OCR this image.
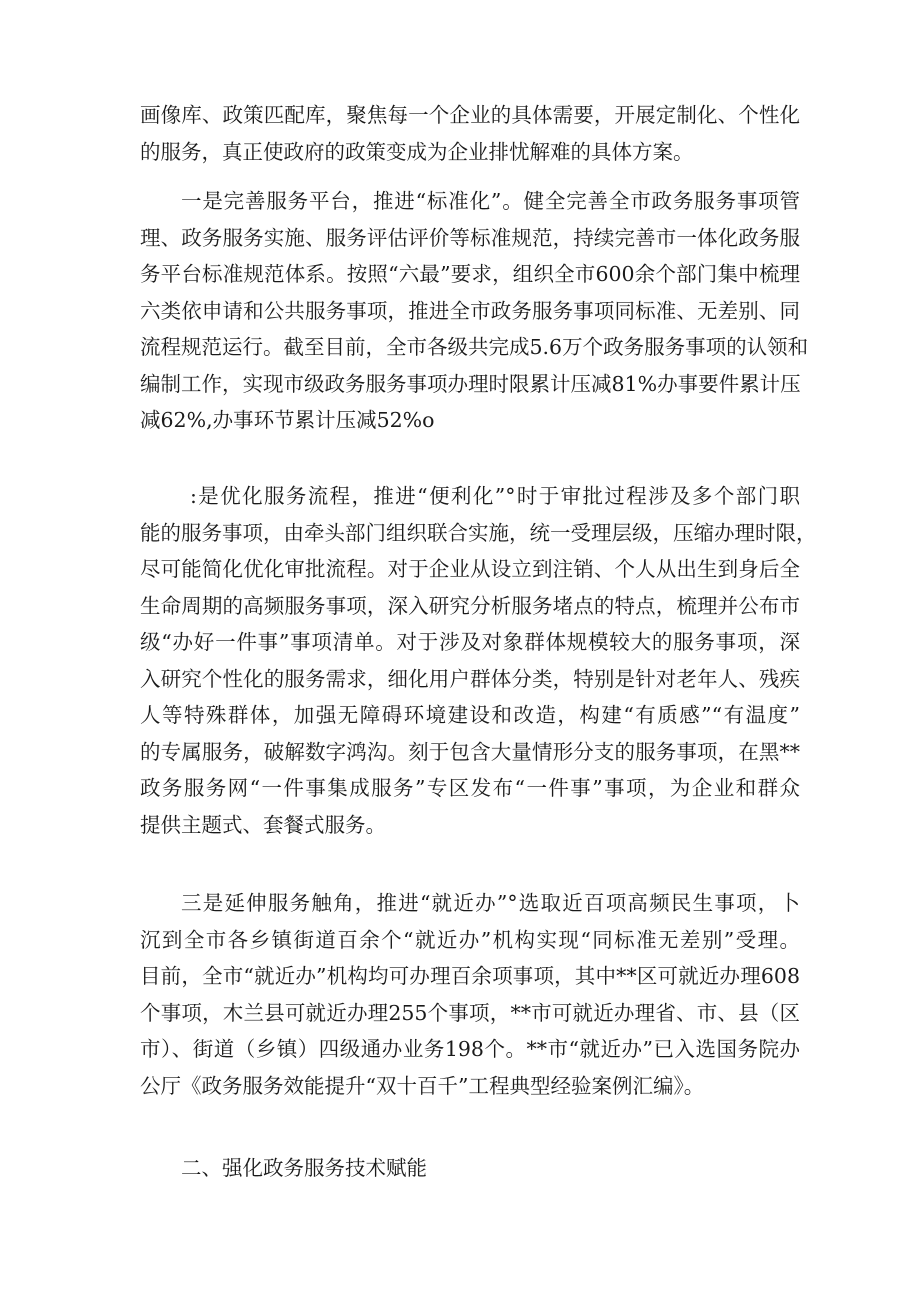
画像库、政策匹配库，聚焦每一个企业的具体需要，开展定制化、个性化
的服务，真正使政府的政策变成为企业排忧解难的具体方案。
一是完善服务平台，推进“标准化”。健全完善全市政务服务事项管
理、政务服务实施、服务评估评价等标准规范，持续完善市一体化政务服
务平台标准规范体系。按照“六最”要求，组织全市600余个部门集中梳理
六类依申请和公共服务事项，推进全市政务服务事项同标准、无差别、同
流程规范运行。截至目前，全市各级共完成5.6万个政务服务事项的认领和
编制工作，实现市级政务服务事项办理时限累计压减81%办事要件累计压
减62%,办事环节累计压减52%o
:是优化服务流程，推进“便利化”°时于审批过程涉及多个部门职
能的服务事项，由牵头部门组织联合实施，统一受理层级，压缩办理时限，
尽可能简化优化审批流程。对于企业从设立到注销、个人从出生到身后全
生命周期的高频服务事项，深入研究分析服务堵点的特点，梳理并公布市
级“办好一件事”事项清单。对于涉及对象群体规模较大的服务事项，深
入研究个性化的服务需求，细化用户群体分类，特别是针对老年人、残疾
人等特殊群体，加强无障碍环境建设和改造，构建“有质感”“有温度”
的专属服务，破解数字鸿沟。刻于包含大量情形分支的服务事项，在黑**
政务服务网“一件事集成服务”专区发布“一件事”事项，为企业和群众
提供主题式、套餐式服务。
三是延伸服务触角，推进“就近办”°选取近百项高频民生事项，卜
沉到全市各乡镇街道百余个“就近办”机构实现“同标准无差别”受理。
目前，全市“就近办”机构均可办理百余项事项，其中**区可就近办理608
个事项，木兰县可就近办理255个事项，**市可就近办理省、市、县（区
市）、街道（乡镇）四级通办业务198个。**市“就近办”已入选国务院办
公厅《政务服务效能提升“双十百千”工程典型经验案例汇编》。
二、强化政务服务技术赋能
